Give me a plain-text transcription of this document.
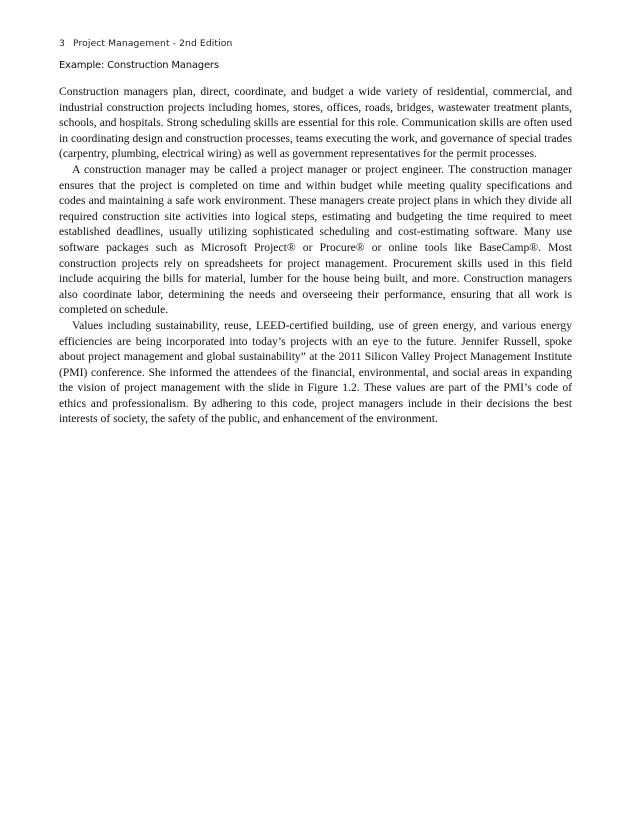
3 Project Management - 2nd Edition
Example: Construction Managers

Construction managers plan, direct, coordinate, and budget a wide variety of residential, commercial, and industrial construction projects including homes, stores, offices, roads, bridges, wastewater treatment plants, schools, and hospitals. Strong scheduling skills are essential for this role. Communication skills are often used in coordinating design and construction processes, teams executing the work, and governance of special trades (carpentry, plumbing, electrical wiring) as well as government representatives for the permit processes.

A construction manager may be called a project manager or project engineer. The construction manager ensures that the project is completed on time and within budget while meeting quality specifications and codes and maintaining a safe work environment. These managers create project plans in which they divide all required construction site activities into logical steps, estimating and budgeting the time required to meet established deadlines, usually utilizing sophisticated scheduling and cost-estimating software. Many use software packages such as Microsoft Project® or Procure® or online tools like BaseCamp®. Most construction projects rely on spreadsheets for project management. Procurement skills used in this field include acquiring the bills for material, lumber for the house being built, and more. Construction managers also coordinate labor, determining the needs and overseeing their performance, ensuring that all work is completed on schedule.

Values including sustainability, reuse, LEED-certified building, use of green energy, and various energy efficiencies are being incorporated into today’s projects with an eye to the future. Jennifer Russell, spoke about project management and global sustainability” at the 2011 Silicon Valley Project Management Institute (PMI) conference. She informed the attendees of the financial, environmental, and social areas in expanding the vision of project management with the slide in Figure 1.2. These values are part of the PMI’s code of ethics and professionalism. By adhering to this code, project managers include in their decisions the best interests of society, the safety of the public, and enhancement of the environment.
